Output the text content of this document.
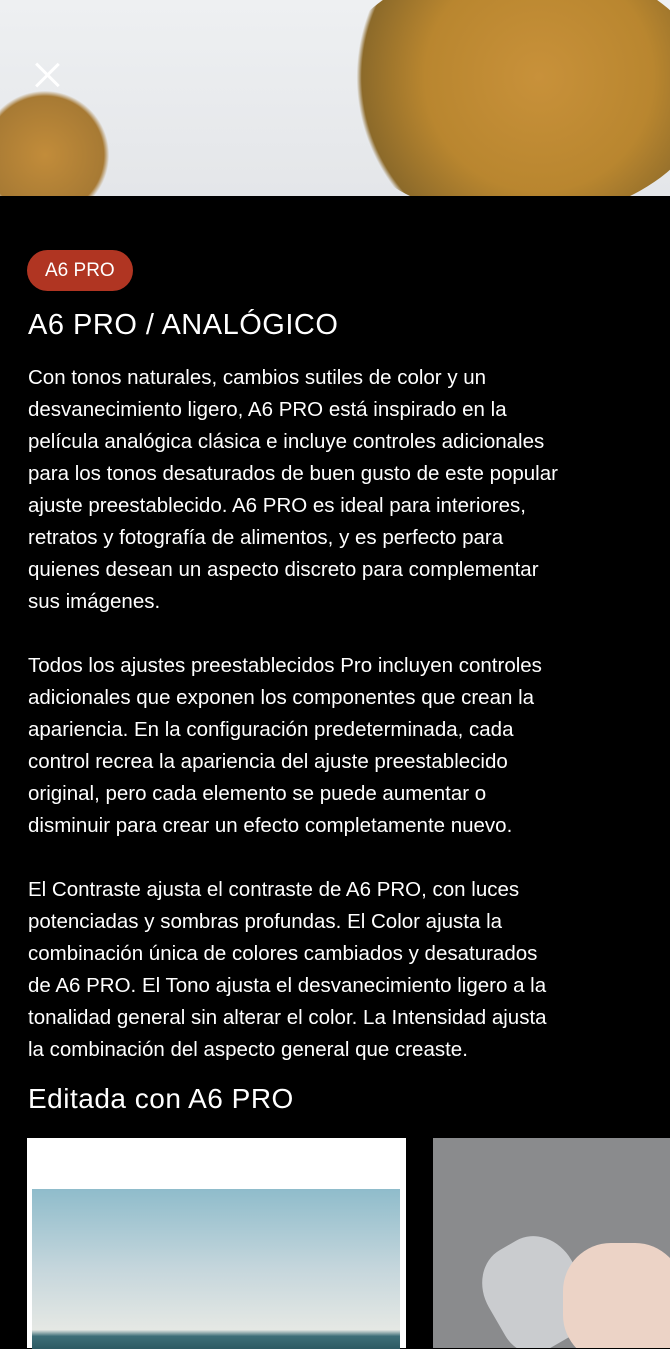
A6 PRO
A6 PRO / ANALÓGICO

Con tonos naturales, cambios sutiles de color y un
desvanecimiento ligero, A6 PRO está inspirado en la
película analógica clásica e incluye controles adicionales
para los tonos desaturados de buen gusto de este popular
ajuste preestablecido. A6 PRO es ideal para interiores,
retratos y fotografía de alimentos, y es perfecto para
quienes desean un aspecto discreto para complementar
sus imágenes.

Todos los ajustes preestablecidos Pro incluyen controles
adicionales que exponen los componentes que crean la
apariencia. En la configuración predeterminada, cada
control recrea la apariencia del ajuste preestablecido
original, pero cada elemento se puede aumentar o
disminuir para crear un efecto completamente nuevo.

El Contraste ajusta el contraste de A6 PRO, con luces
potenciadas y sombras profundas. El Color ajusta la
combinación única de colores cambiados y desaturados
de A6 PRO. El Tono ajusta el desvanecimiento ligero a la
tonalidad general sin alterar el color. La Intensidad ajusta
la combinación del aspecto general que creaste.

Editada con A6 PRO
